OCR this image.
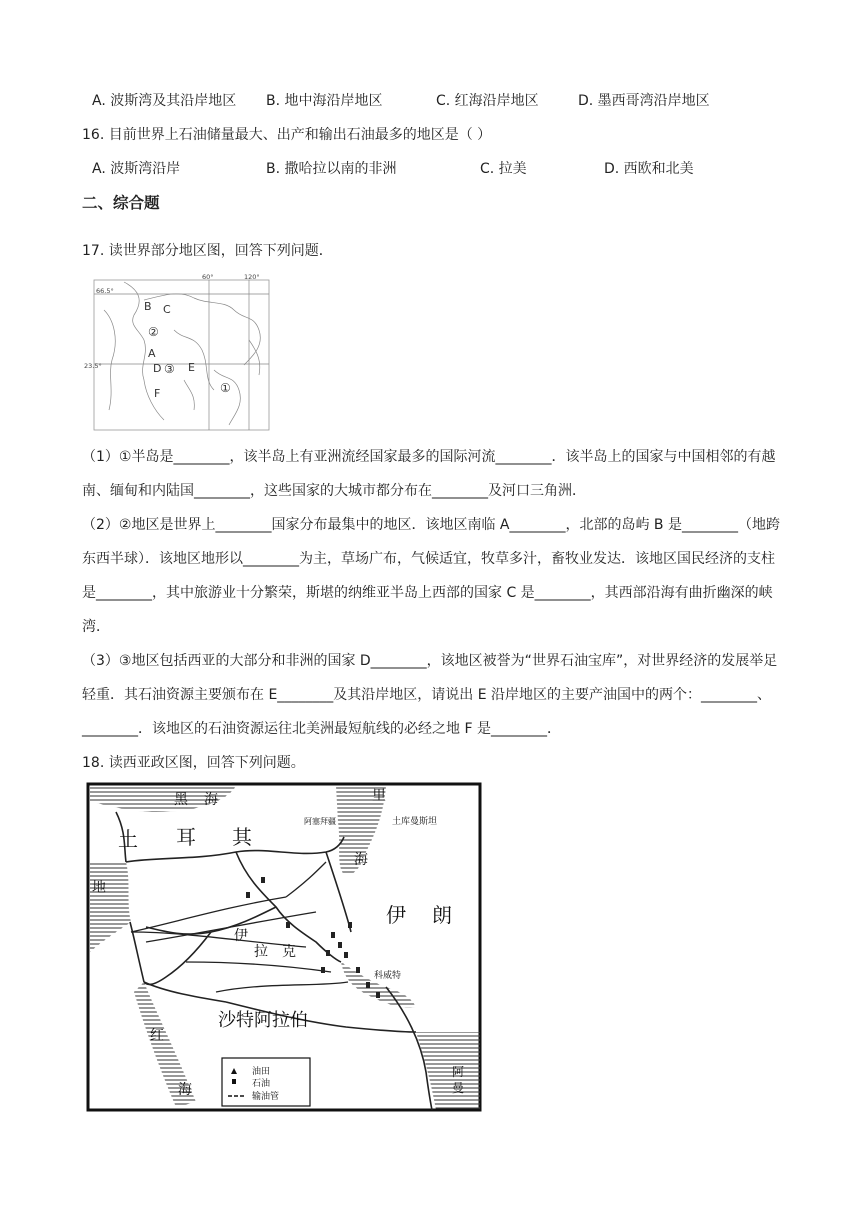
A. 波斯湾及其沿岸地区 B. 地中海沿岸地区	C. 红海沿岸地区	D. 墨西哥湾沿岸地区
16. 目前世界上石油储量最大、出产和输出石油最多的地区是（ ）
A. 波斯湾沿岸	B. 撒哈拉以南的非洲	C. 拉美	D. 西欧和北美
二、综合题
17. 读世界部分地区图，回答下列问题．
66.5°
23.5°
60°	120°
B C
②
A
D ③ E
F	①
（1）①半岛是________，该半岛上有亚洲流经国家最多的国际河流________．该半岛上的国家与中国相邻的有越南、缅甸和内陆国________，这些国家的大城市都分布在________及河口三角洲．
（2）②地区是世界上________国家分布最集中的地区．该地区南临 A________，北部的岛屿 B 是________（地跨东西半球）．该地区地形以________为主，草场广布，气候适宜，牧草多汁，畜牧业发达．该地区国民经济的支柱是________，其中旅游业十分繁荣，斯堪的纳维亚半岛上西部的国家 C 是________，其西部沿海有曲折幽深的峡湾．
（3）③地区包括西亚的大部分和非洲的国家 D________，该地区被誉为“世界石油宝库”，对世界经济的发展举足轻重．其石油资源主要颁布在 E________及其沿岸地区，请说出 E 沿岸地区的主要产油国中的两个：________、________．该地区的石油资源运往北美洲最短航线的必经之地 F 是________．
18. 读西亚政区图，回答下列问题。
黑 海	里
海
阿塞拜疆	土库曼斯坦
土 耳 其
地
伊
拉 克
伊 朗
科威特
沙特阿拉伯
红
海
阿
曼
油田
石油
输油管
